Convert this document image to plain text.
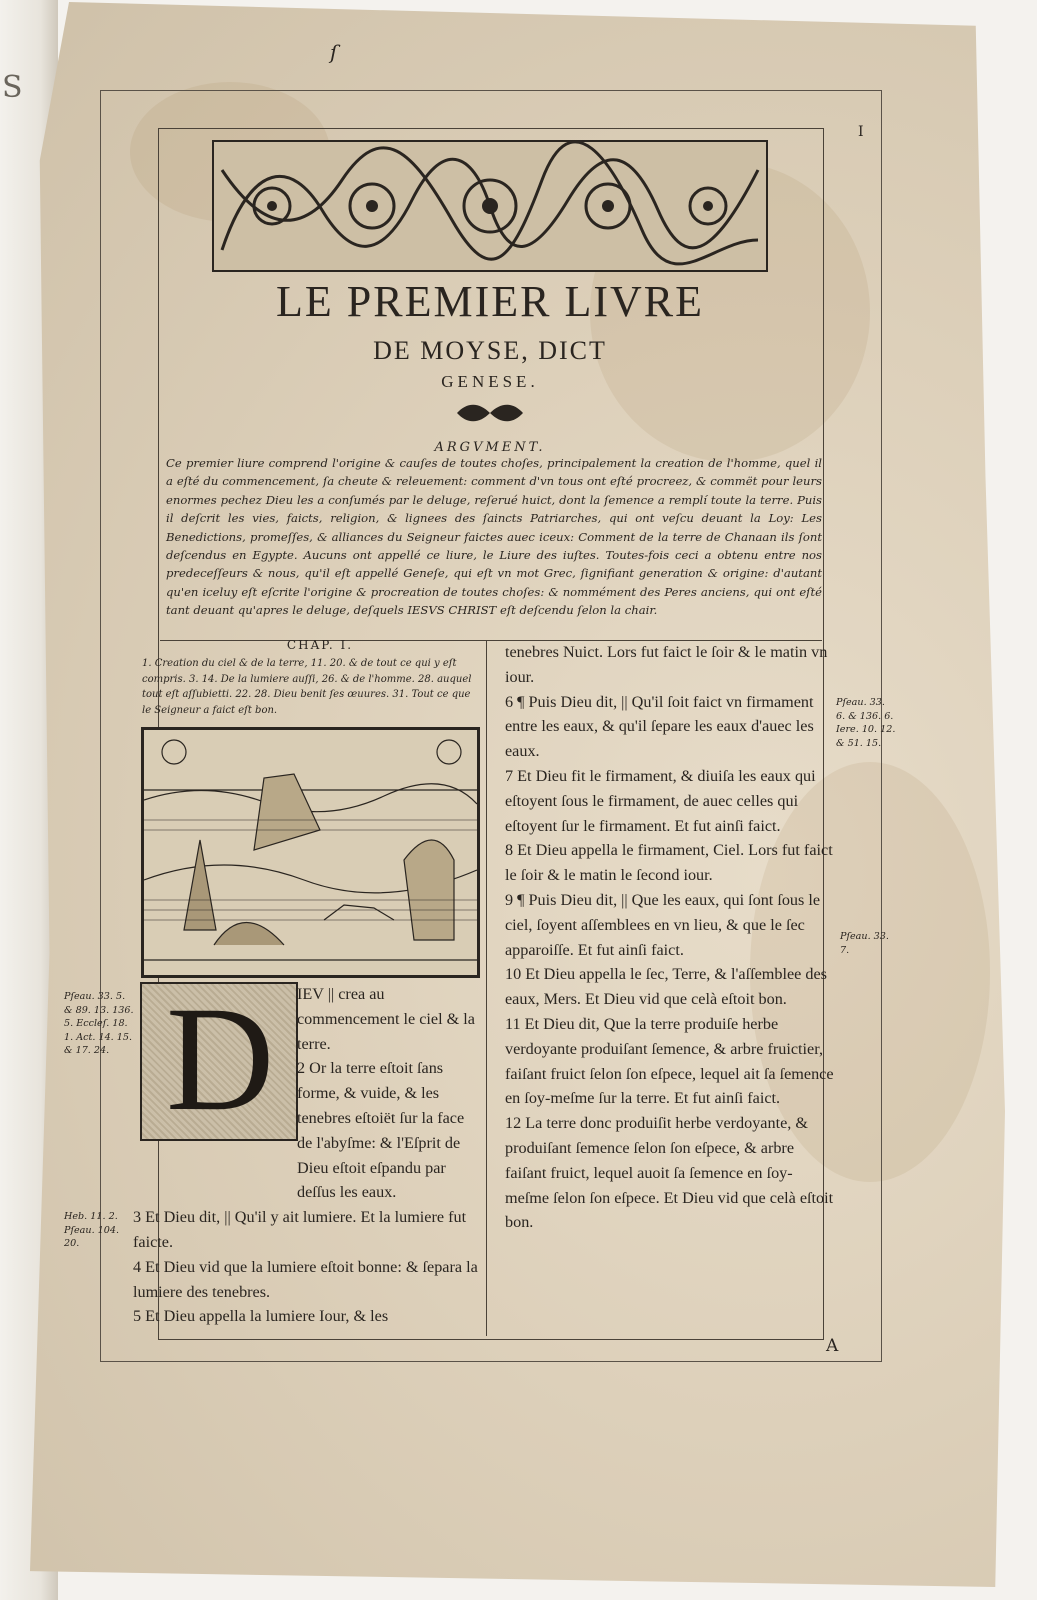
S
ſ
I
LE PREMIER LIVRE
DE MOYSE, DICT
GENESE.
ARGVMENT.
Ce premier liure comprend l'origine & cauſes de toutes choſes, principalement la creation de l'homme, quel il a eſté du commencement, ſa cheute & releuement: comment d'vn tous ont eſté procreez, & commët pour leurs enormes pechez Dieu les a conſumés par le deluge, reſerué huict, dont la ſemence a remplí toute la terre. Puis il deſcrit les vies, faicts, religion, & lignees des ſaincts Patriarches, qui ont veſcu deuant la Loy: Les Benedictions, promeſſes, & alliances du Seigneur faictes auec iceux: Comment de la terre de Chanaan ils ſont deſcendus en Egypte. Aucuns ont appellé ce liure, le Liure des iuſtes. Toutes-fois ceci a obtenu entre nos predeceſſeurs & nous, qu'il eſt appellé Geneſe, qui eſt vn mot Grec, ſignifiant generation & origine: d'autant qu'en iceluy eſt eſcrite l'origine & procreation de toutes choſes: & nommément des Peres anciens, qui ont eſté tant deuant qu'apres le deluge, deſquels IESVS CHRIST eſt deſcendu ſelon la chair.
CHAP. I.
1. Creation du ciel & de la terre, 11. 20. & de tout ce qui y eſt compris. 3. 14. De la lumiere auſſi, 26. & de l'homme. 28. auquel tout eſt aſſubietti. 22. 28. Dieu benit ſes œuures. 31. Tout ce que le Seigneur a faict eſt bon.
D	IEV || crea au commencement le ciel & la terre.

2 Or la terre eſtoit ſans forme, & vuide, & les tenebres eſtoiët ſur la face de l'abyſme: & l'Eſprit de Dieu eſtoit eſpandu par deſſus les eaux.

3 Et Dieu dit, || Qu'il y ait lumiere. Et la lumiere fut faicte.

4 Et Dieu vid que la lumiere eſtoit bonne: & ſepara la lumiere des tenebres.

5 Et Dieu appella la lumiere Iour, & les

tenebres Nuict. Lors fut faict le ſoir & le matin vn iour.

6 ¶ Puis Dieu dit, || Qu'il ſoit faict vn firmament entre les eaux, & qu'il ſepare les eaux d'auec les eaux.

7 Et Dieu fit le firmament, & diuiſa les eaux qui eſtoyent ſous le firmament, de auec celles qui eſtoyent ſur le firmament. Et fut ainſi faict.

8 Et Dieu appella le firmament, Ciel. Lors fut faict le ſoir & le matin le ſecond iour.

9 ¶ Puis Dieu dit, || Que les eaux, qui ſont ſous le ciel, ſoyent aſſemblees en vn lieu, & que le ſec apparoiſſe. Et fut ainſi faict.

10 Et Dieu appella le ſec, Terre, & l'aſſemblee des eaux, Mers. Et Dieu vid que celà eſtoit bon.

11 Et Dieu dit, Que la terre produiſe herbe verdoyante produiſant ſemence, & arbre fruictier, faiſant fruict ſelon ſon eſpece, lequel ait ſa ſemence en ſoy-meſme ſur la terre. Et fut ainſi faict.

12 La terre donc produiſit herbe verdoyante, & produiſant ſemence ſelon ſon eſpece, & arbre faiſant fruict, lequel auoit ſa ſemence en ſoy-meſme ſelon ſon eſpece. Et Dieu vid que celà eſtoit bon.

Pſeau. 33. 5. & 89. 13. 136. 5. Eccleſ. 18. 1. Act. 14. 15. & 17. 24.
Heb. 11. 2. Pſeau. 104. 20.
Pſeau. 33. 6. & 136. 6. Iere. 10. 12. & 51. 15.
Pſeau. 33. 7.
A
